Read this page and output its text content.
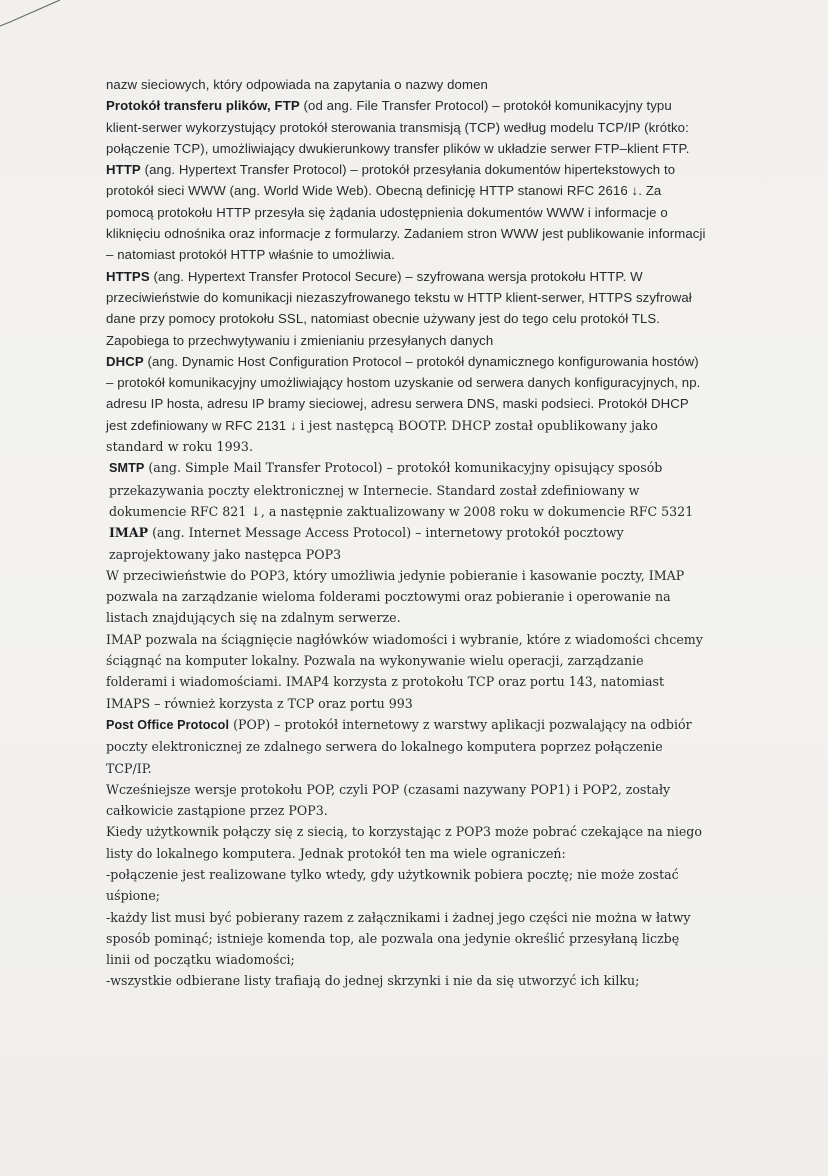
nazw sieciowych, który odpowiada na zapytania o nazwy domen

Protokół transferu plików, FTP (od ang. File Transfer Protocol) – protokół komunikacyjny typu klient-serwer wykorzystujący protokół sterowania transmisją (TCP) według modelu TCP/IP (krótko: połączenie TCP), umożliwiający dwukierunkowy transfer plików w układzie serwer FTP–klient FTP.

HTTP (ang. Hypertext Transfer Protocol) – protokół przesyłania dokumentów hipertekstowych to protokół sieci WWW (ang. World Wide Web). Obecną definicję HTTP stanowi RFC 2616 ↓. Za pomocą protokołu HTTP przesyła się żądania udostępnienia dokumentów WWW i informacje o kliknięciu odnośnika oraz informacje z formularzy. Zadaniem stron WWW jest publikowanie informacji – natomiast protokół HTTP właśnie to umożliwia.

HTTPS (ang. Hypertext Transfer Protocol Secure) – szyfrowana wersja protokołu HTTP. W przeciwieństwie do komunikacji niezaszyfrowanego tekstu w HTTP klient-serwer, HTTPS szyfrował dane przy pomocy protokołu SSL, natomiast obecnie używany jest do tego celu protokół TLS. Zapobiega to przechwytywaniu i zmienianiu przesyłanych danych

DHCP (ang. Dynamic Host Configuration Protocol – protokół dynamicznego konfigurowania hostów) – protokół komunikacyjny umożliwiający hostom uzyskanie od serwera danych konfiguracyjnych, np. adresu IP hosta, adresu IP bramy sieciowej, adresu serwera DNS, maski podsieci. Protokół DHCP jest zdefiniowany w RFC 2131 ↓ i jest następcą BOOTP. DHCP został opublikowany jako standard w roku 1993.

SMTP (ang. Simple Mail Transfer Protocol) – protokół komunikacyjny opisujący sposób przekazywania poczty elektronicznej w Internecie. Standard został zdefiniowany w dokumencie RFC 821 ↓, a następnie zaktualizowany w 2008 roku w dokumencie RFC 5321

IMAP (ang. Internet Message Access Protocol) – internetowy protokół pocztowy zaprojektowany jako następca POP3

W przeciwieństwie do POP3, który umożliwia jedynie pobieranie i kasowanie poczty, IMAP pozwala na zarządzanie wieloma folderami pocztowymi oraz pobieranie i operowanie na listach znajdujących się na zdalnym serwerze.

IMAP pozwala na ściągnięcie nagłówków wiadomości i wybranie, które z wiadomości chcemy ściągnąć na komputer lokalny. Pozwala na wykonywanie wielu operacji, zarządzanie folderami i wiadomościami. IMAP4 korzysta z protokołu TCP oraz portu 143, natomiast IMAPS – również korzysta z TCP oraz portu 993

Post Office Protocol (POP) – protokół internetowy z warstwy aplikacji pozwalający na odbiór poczty elektronicznej ze zdalnego serwera do lokalnego komputera poprzez połączenie TCP/IP.

Wcześniejsze wersje protokołu POP, czyli POP (czasami nazywany POP1) i POP2, zostały całkowicie zastąpione przez POP3.

Kiedy użytkownik połączy się z siecią, to korzystając z POP3 może pobrać czekające na niego listy do lokalnego komputera. Jednak protokół ten ma wiele ograniczeń:

-połączenie jest realizowane tylko wtedy, gdy użytkownik pobiera pocztę; nie może zostać uśpione;

-każdy list musi być pobierany razem z załącznikami i żadnej jego części nie można w łatwy sposób pominąć; istnieje komenda top, ale pozwala ona jedynie określić przesyłaną liczbę linii od początku wiadomości;

-wszystkie odbierane listy trafiają do jednej skrzynki i nie da się utworzyć ich kilku;
